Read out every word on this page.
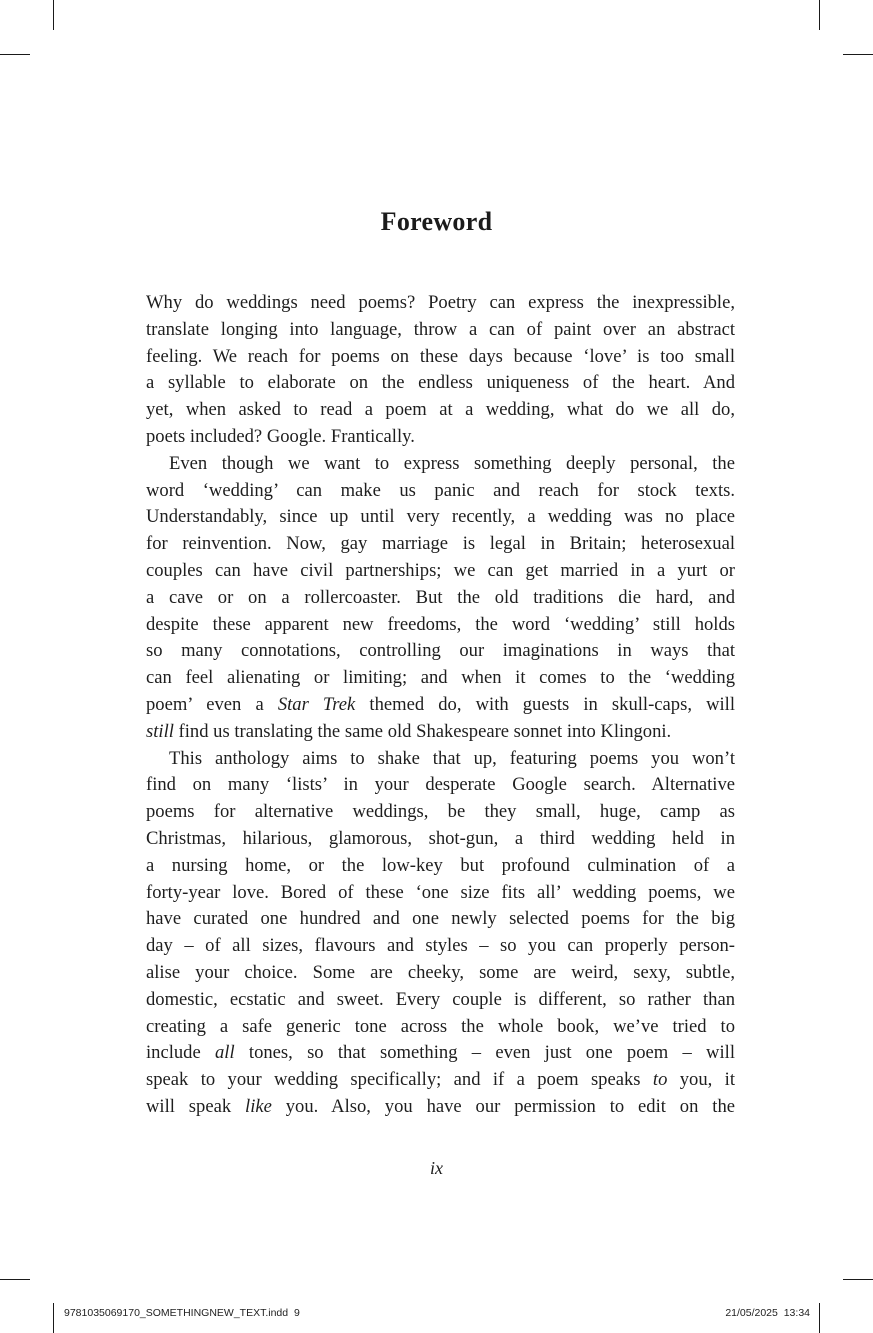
Foreword
Why do weddings need poems? Poetry can express the inexpressible,
translate longing into language, throw a can of paint over an abstract
feeling. We reach for poems on these days because ‘love’ is too small
a syllable to elaborate on the endless uniqueness of the heart. And
yet, when asked to read a poem at a wedding, what do we all do,
poets included? Google. Frantically.
Even though we want to express something deeply personal, the
word ‘wedding’ can make us panic and reach for stock texts.
Understandably, since up until very recently, a wedding was no place
for reinvention. Now, gay marriage is legal in Britain; heterosexual
couples can have civil partnerships; we can get married in a yurt or
a cave or on a rollercoaster. But the old traditions die hard, and
despite these apparent new freedoms, the word ‘wedding’ still holds
so many connotations, controlling our imaginations in ways that
can feel alienating or limiting; and when it comes to the ‘wedding
poem’ even a Star Trek themed do, with guests in skull-caps, will
still find us translating the same old Shakespeare sonnet into Klingoni.
This anthology aims to shake that up, featuring poems you won’t
find on many ‘lists’ in your desperate Google search. Alternative
poems for alternative weddings, be they small, huge, camp as
Christmas, hilarious, glamorous, shot-gun, a third wedding held in
a nursing home, or the low-key but profound culmination of a
forty-year love. Bored of these ‘one size fits all’ wedding poems, we
have curated one hundred and one newly selected poems for the big
day – of all sizes, flavours and styles – so you can properly person-
alise your choice. Some are cheeky, some are weird, sexy, subtle,
domestic, ecstatic and sweet. Every couple is different, so rather than
creating a safe generic tone across the whole book, we’ve tried to
include all tones, so that something – even just one poem – will
speak to your wedding specifically; and if a poem speaks to you, it
will speak like you. Also, you have our permission to edit on the
ix
9781035069170_SOMETHINGNEW_TEXT.indd 9	21/05/2025 13:34
